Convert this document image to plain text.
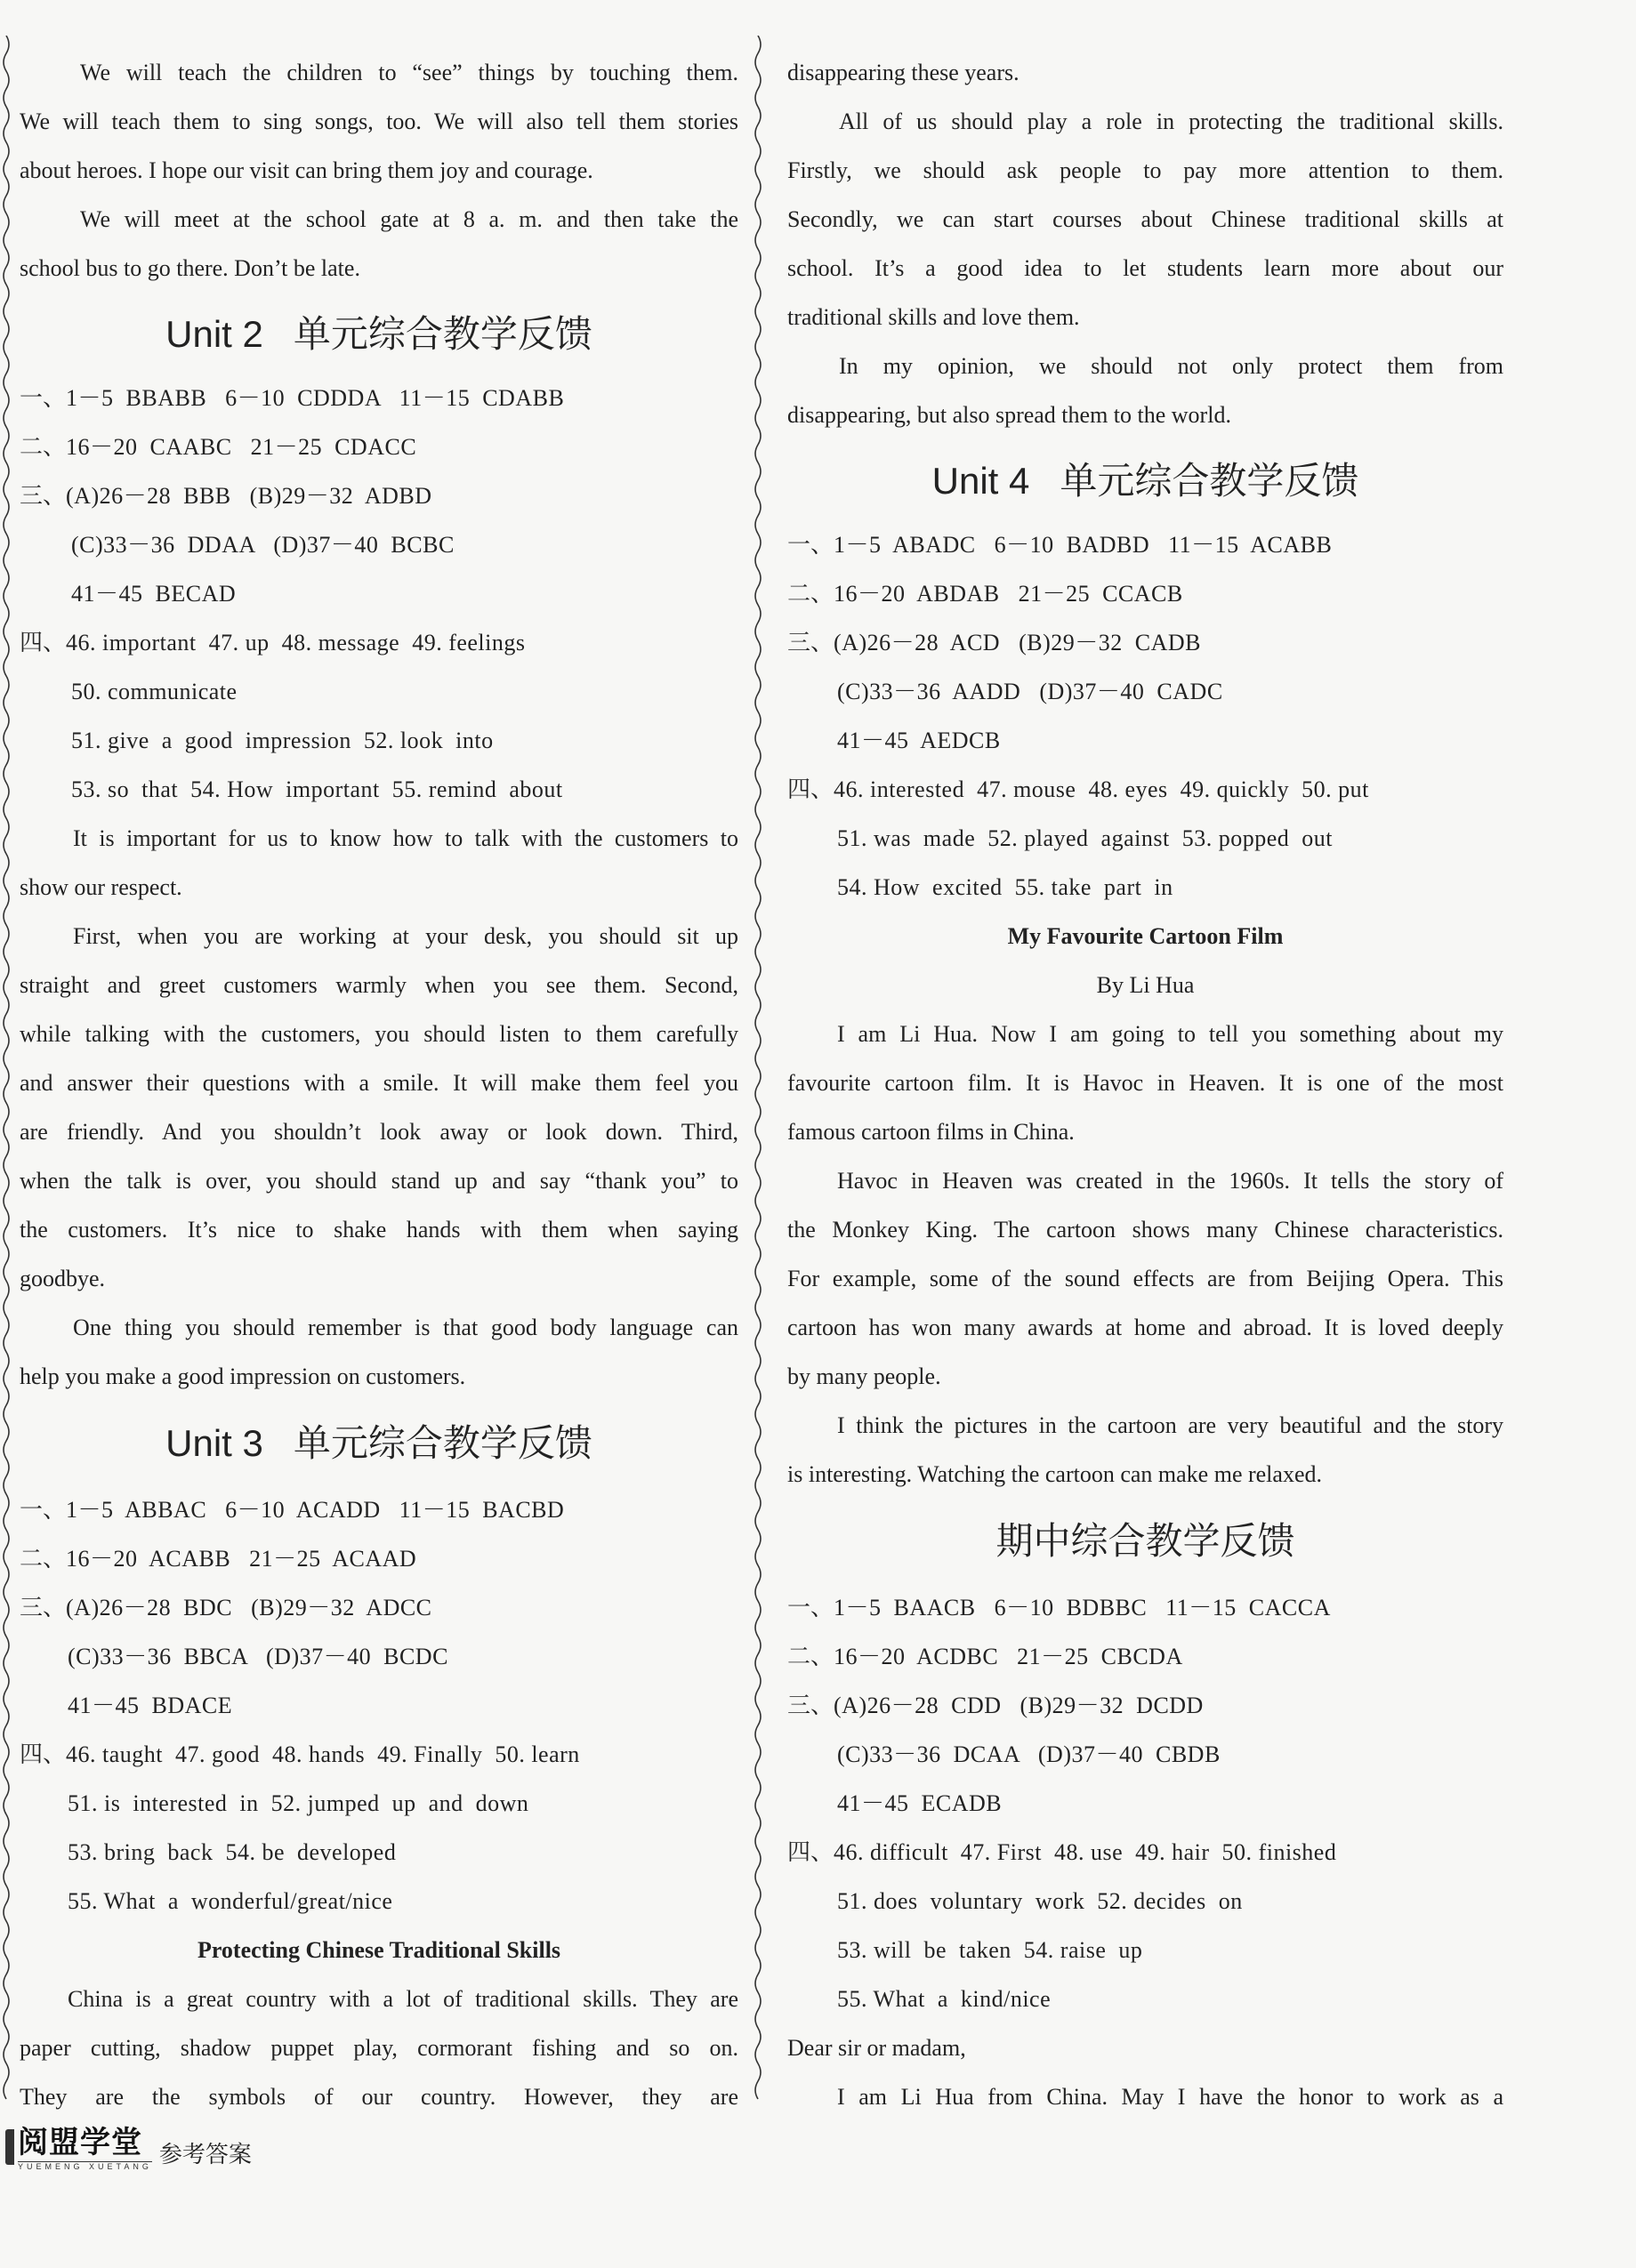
We will teach the children to “see” things by touching them.
We will teach them to sing songs, too. We will also tell them stories
about heroes. I hope our visit can bring them joy and courage.
We will meet at the school gate at 8 a. m. and then take the
school bus to go there. Don’t be late.
Unit 2 单元综合教学反馈
一、1－5  BBABB   6－10  CDDDA   11－15  CDABB
二、16－20  CAABC   21－25  CDACC
三、(A)26－28  BBB   (B)29－32  ADBD
(C)33－36  DDAA   (D)37－40  BCBC
41－45  BECAD
四、46. important  47. up  48. message  49. feelings
50. communicate
51. give  a  good  impression  52. look  into
53. so  that  54. How  important  55. remind  about
It is important for us to know how to talk with the customers to
show our respect.
First, when you are working at your desk, you should sit up
straight and greet customers warmly when you see them. Second,
while talking with the customers, you should listen to them carefully
and answer their questions with a smile. It will make them feel you
are friendly. And you shouldn’t look away or look down. Third,
when the talk is over, you should stand up and say “thank you” to
the customers. It’s nice to shake hands with them when saying
goodbye.
One thing you should remember is that good body language can
help you make a good impression on customers.
Unit 3 单元综合教学反馈
一、1－5  ABBAC   6－10  ACADD   11－15  BACBD
二、16－20  ACABB   21－25  ACAAD
三、(A)26－28  BDC   (B)29－32  ADCC
(C)33－36  BBCA   (D)37－40  BCDC
41－45  BDACE
四、46. taught  47. good  48. hands  49. Finally  50. learn
51. is  interested  in  52. jumped  up  and  down
53. bring  back  54. be  developed
55. What  a  wonderful/great/nice
Protecting Chinese Traditional Skills
China is a great country with a lot of traditional skills. They are
paper cutting, shadow puppet play, cormorant fishing and so on.
They are the symbols of our country. However, they are
disappearing these years.
All of us should play a role in protecting the traditional skills.
Firstly, we should ask people to pay more attention to them.
Secondly, we can start courses about Chinese traditional skills at
school. It’s a good idea to let students learn more about our
traditional skills and love them.
In my opinion, we should not only protect them from
disappearing, but also spread them to the world.
Unit 4 单元综合教学反馈
一、1－5  ABADC   6－10  BADBD   11－15  ACABB
二、16－20  ABDAB   21－25  CCACB
三、(A)26－28  ACD   (B)29－32  CADB
(C)33－36  AADD   (D)37－40  CADC
41－45  AEDCB
四、46. interested  47. mouse  48. eyes  49. quickly  50. put
51. was  made  52. played  against  53. popped  out
54. How  excited  55. take  part  in
My Favourite Cartoon Film
By Li Hua
I am Li Hua. Now I am going to tell you something about my
favourite cartoon film. It is Havoc in Heaven. It is one of the most
famous cartoon films in China.
Havoc in Heaven was created in the 1960s. It tells the story of
the Monkey King. The cartoon shows many Chinese characteristics.
For example, some of the sound effects are from Beijing Opera. This
cartoon has won many awards at home and abroad. It is loved deeply
by many people.
I think the pictures in the cartoon are very beautiful and the story
is interesting. Watching the cartoon can make me relaxed.
期中综合教学反馈
一、1－5  BAACB   6－10  BDBBC   11－15  CACCA
二、16－20  ACDBC   21－25  CBCDA
三、(A)26－28  CDD   (B)29－32  DCDD
(C)33－36  DCAA   (D)37－40  CBDB
41－45  ECADB
四、46. difficult  47. First  48. use  49. hair  50. finished
51. does  voluntary  work  52. decides  on
53. will  be  taken  54. raise  up
55. What  a  kind/nice
Dear sir or madam,
I am Li Hua from China. May I have the honor to work as a
阅盟学堂
YUEMENG XUETANG 参考答案
